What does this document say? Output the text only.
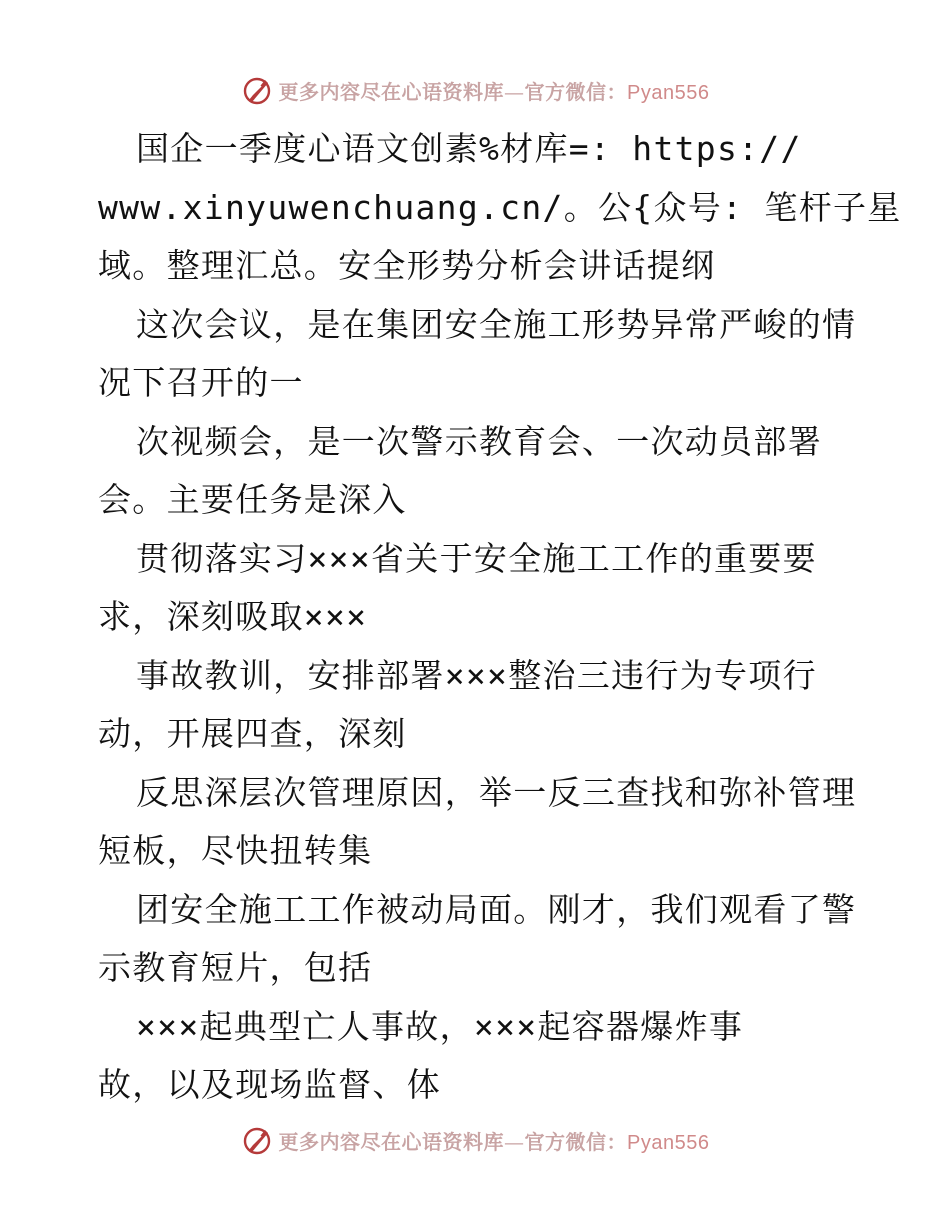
更多内容尽在心语资料库—官方微信：Pyan556
国企一季度心语文创素%材库=: https://
www.xinyuwenchuang.cn/。公{众号: 笔杆子星
域。整理汇总。安全形势分析会讲话提纲
这次会议，是在集团安全施工形势异常严峻的情
况下召开的一
次视频会，是一次警示教育会、一次动员部署
会。主要任务是深入
贯彻落实习×××省关于安全施工工作的重要要
求，深刻吸取×××
事故教训，安排部署×××整治三违行为专项行
动，开展四查，深刻
反思深层次管理原因，举一反三查找和弥补管理
短板，尽快扭转集
团安全施工工作被动局面。刚才，我们观看了警
示教育短片，包括
×××起典型亡人事故，×××起容器爆炸事
故，以及现场监督、体
更多内容尽在心语资料库—官方微信：Pyan556
